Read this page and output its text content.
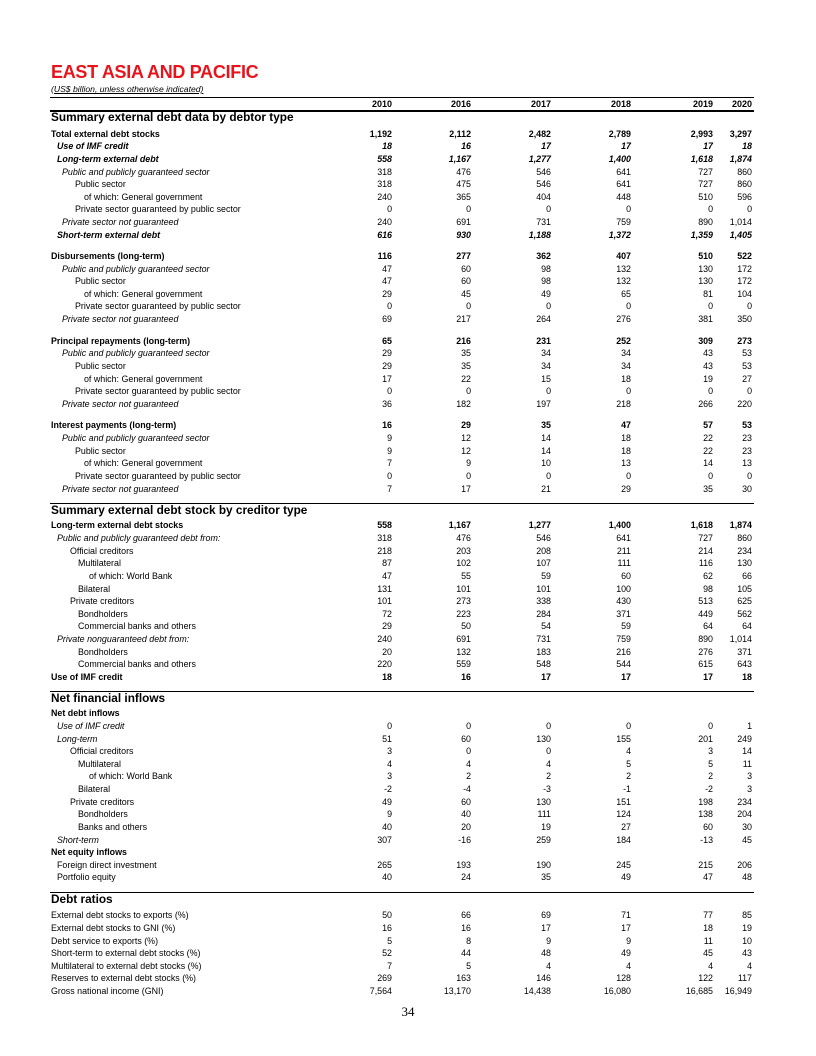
EAST ASIA AND PACIFIC
(US$ billion, unless otherwise indicated)
2010	2016	2017	2018	2019	2020
Summary external debt data by debtor type
Total external debt stocks	1,192	2,112	2,482	2,789	2,993	3,297
Use of IMF credit	18	16	17	17	17	18
Long-term external debt	558	1,167	1,277	1,400	1,618	1,874
Public and publicly guaranteed sector	318	476	546	641	727	860
Public sector	318	475	546	641	727	860
of which: General government	240	365	404	448	510	596
Private sector guaranteed by public sector	0	0	0	0	0	0
Private sector not guaranteed	240	691	731	759	890	1,014
Short-term external debt	616	930	1,188	1,372	1,359	1,405
Disbursements (long-term)	116	277	362	407	510	522
Public and publicly guaranteed sector	47	60	98	132	130	172
Public sector	47	60	98	132	130	172
of which: General government	29	45	49	65	81	104
Private sector guaranteed by public sector	0	0	0	0	0	0
Private sector not guaranteed	69	217	264	276	381	350
Principal repayments (long-term)	65	216	231	252	309	273
Public and publicly guaranteed sector	29	35	34	34	43	53
Public sector	29	35	34	34	43	53
of which: General government	17	22	15	18	19	27
Private sector guaranteed by public sector	0	0	0	0	0	0
Private sector not guaranteed	36	182	197	218	266	220
Interest payments (long-term)	16	29	35	47	57	53
Public and publicly guaranteed sector	9	12	14	18	22	23
Public sector	9	12	14	18	22	23
of which: General government	7	9	10	13	14	13
Private sector guaranteed by public sector	0	0	0	0	0	0
Private sector not guaranteed	7	17	21	29	35	30
Summary external debt stock by creditor type
Long-term external debt stocks	558	1,167	1,277	1,400	1,618	1,874
Public and publicly guaranteed debt from:	318	476	546	641	727	860
Official creditors	218	203	208	211	214	234
Multilateral	87	102	107	111	116	130
of which: World Bank	47	55	59	60	62	66
Bilateral	131	101	101	100	98	105
Private creditors	101	273	338	430	513	625
Bondholders	72	223	284	371	449	562
Commercial banks and others	29	50	54	59	64	64
Private nonguaranteed debt from:	240	691	731	759	890	1,014
Bondholders	20	132	183	216	276	371
Commercial banks and others	220	559	548	544	615	643
Use of IMF credit	18	16	17	17	17	18
Net financial inflows
Net debt inflows
Use of IMF credit	0	0	0	0	0	1
Long-term	51	60	130	155	201	249
Official creditors	3	0	0	4	3	14
Multilateral	4	4	4	5	5	11
of which: World Bank	3	2	2	2	2	3
Bilateral	-2	-4	-3	-1	-2	3
Private creditors	49	60	130	151	198	234
Bondholders	9	40	111	124	138	204
Banks and others	40	20	19	27	60	30
Short-term	307	-16	259	184	-13	45
Net equity inflows
Foreign direct investment	265	193	190	245	215	206
Portfolio equity	40	24	35	49	47	48
Debt ratios
External debt stocks to exports (%)	50	66	69	71	77	85
External debt stocks to GNI (%)	16	16	17	17	18	19
Debt service to exports (%)	5	8	9	9	11	10
Short-term to external debt stocks (%)	52	44	48	49	45	43
Multilateral to external debt stocks (%)	7	5	4	4	4	4
Reserves to external debt stocks (%)	269	163	146	128	122	117
Gross national income (GNI)	7,564	13,170	14,438	16,080	16,685	16,949
34
